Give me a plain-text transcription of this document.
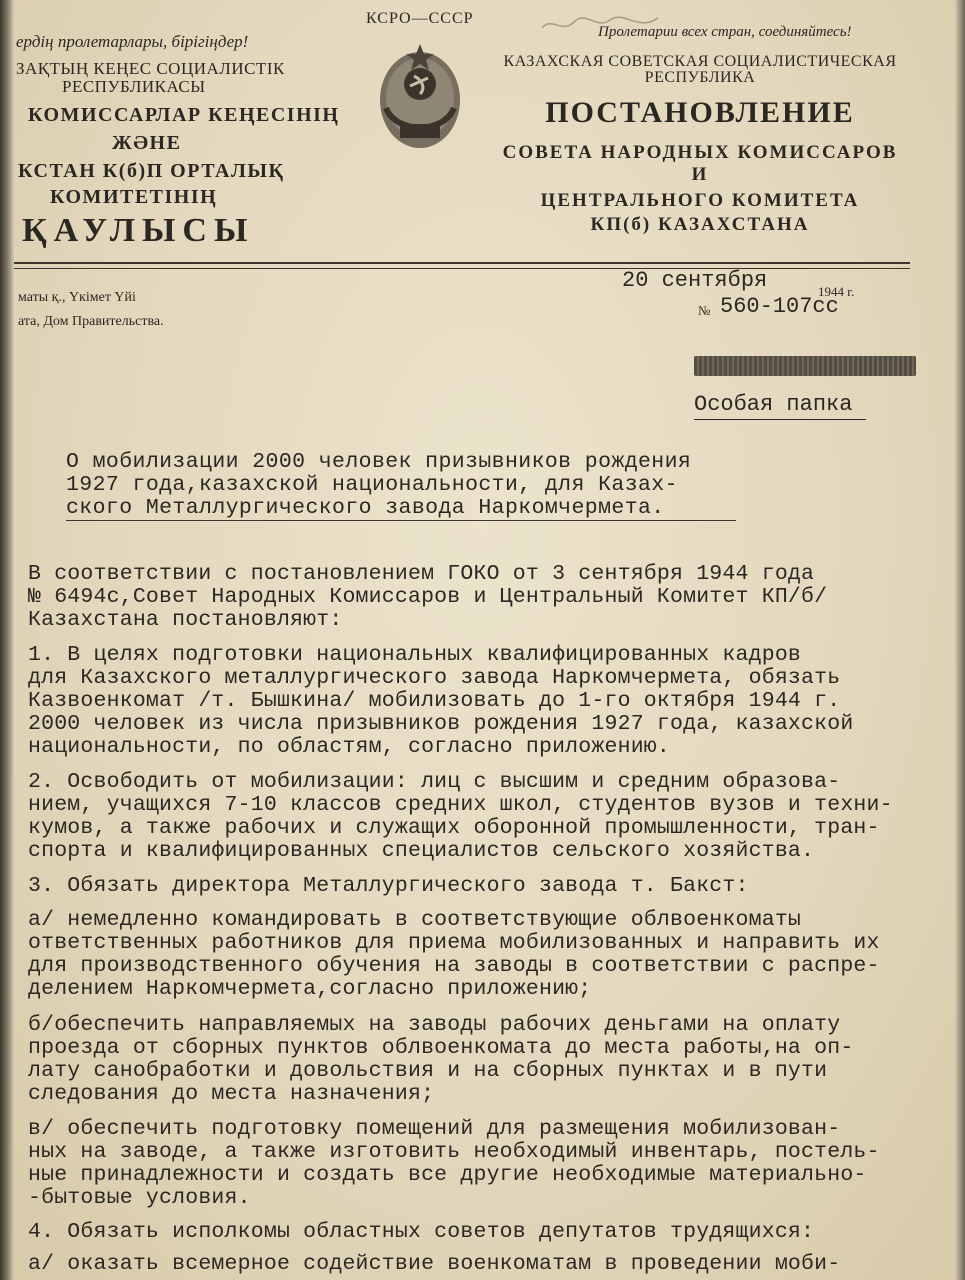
ердің пролетарлары, бірігіңдер!
ЗАҚТЫҢ КЕҢЕС СОЦИАЛИСТІК
РЕСПУБЛИКАСЫ
КОМИССАРЛАР КЕҢЕСІНІҢ
ЖӘНЕ
КСТАН К(б)П ОРТАЛЫҚ
КОМИТЕТІНІҢ
ҚАУЛЫСЫ
КСРО—СССР
Пролетарии всех стран, соединяйтесь!
КАЗАХСКАЯ СОВЕТСКАЯ СОЦИАЛИСТИЧЕСКАЯ РЕСПУБЛИКА
ПОСТАНОВЛЕНИЕ
СОВЕТА НАРОДНЫХ КОМИССАРОВ
И
ЦЕНТРАЛЬНОГО КОМИТЕТА
КП(б) КАЗАХСТАНА
маты қ., Үкімет Үйі
ата, Дом Правительства.
20 сентября	1944 г.
№ 560-107сс
Особая папка
О мобилизации 2000 человек призывников рождения
1927 года,казахской национальности, для Казах-
ского Металлургического завода Наркомчермета.
В соответствии с постановлением ГОКО от 3 сентября 1944 года
№ 6494с,Совет Народных Комиссаров и Центральный Комитет КП/б/
Казахстана постановляют:
1. В целях подготовки национальных квалифицированных кадров
для Казахского металлургического завода Наркомчермета, обязать
Казвоенкомат /т. Бышкина/ мобилизовать до 1-го октября 1944 г.
2000 человек из числа призывников рождения 1927 года, казахской
национальности, по областям, согласно приложению.
2. Освободить от мобилизации: лиц с высшим и средним образова-
нием, учащихся 7-10 классов средних школ, студентов вузов и техни-
кумов, а также рабочих и служащих оборонной промышленности, тран-
спорта и квалифицированных специалистов сельского хозяйства.
3. Обязать директора Металлургического завода т. Бакст:
а/ немедленно командировать в соответствующие облвоенкоматы
ответственных работников для приема мобилизованных и направить их
для производственного обучения на заводы в соответствии с распре-
делением Наркомчермета,согласно приложению;
б/обеспечить направляемых на заводы рабочих деньгами на оплату
проезда от сборных пунктов облвоенкомата до места работы,на оп-
лату санобработки и довольствия и на сборных пунктах и в пути
следования до места назначения;
в/ обеспечить подготовку помещений для размещения мобилизован-
ных на заводе, а также изготовить необходимый инвентарь, постель-
ные принадлежности и создать все другие необходимые материально-
-бытовые условия.
4. Обязать исполкомы областных советов депутатов трудящихся:
а/ оказать всемерное содействие военкоматам в проведении моби-
